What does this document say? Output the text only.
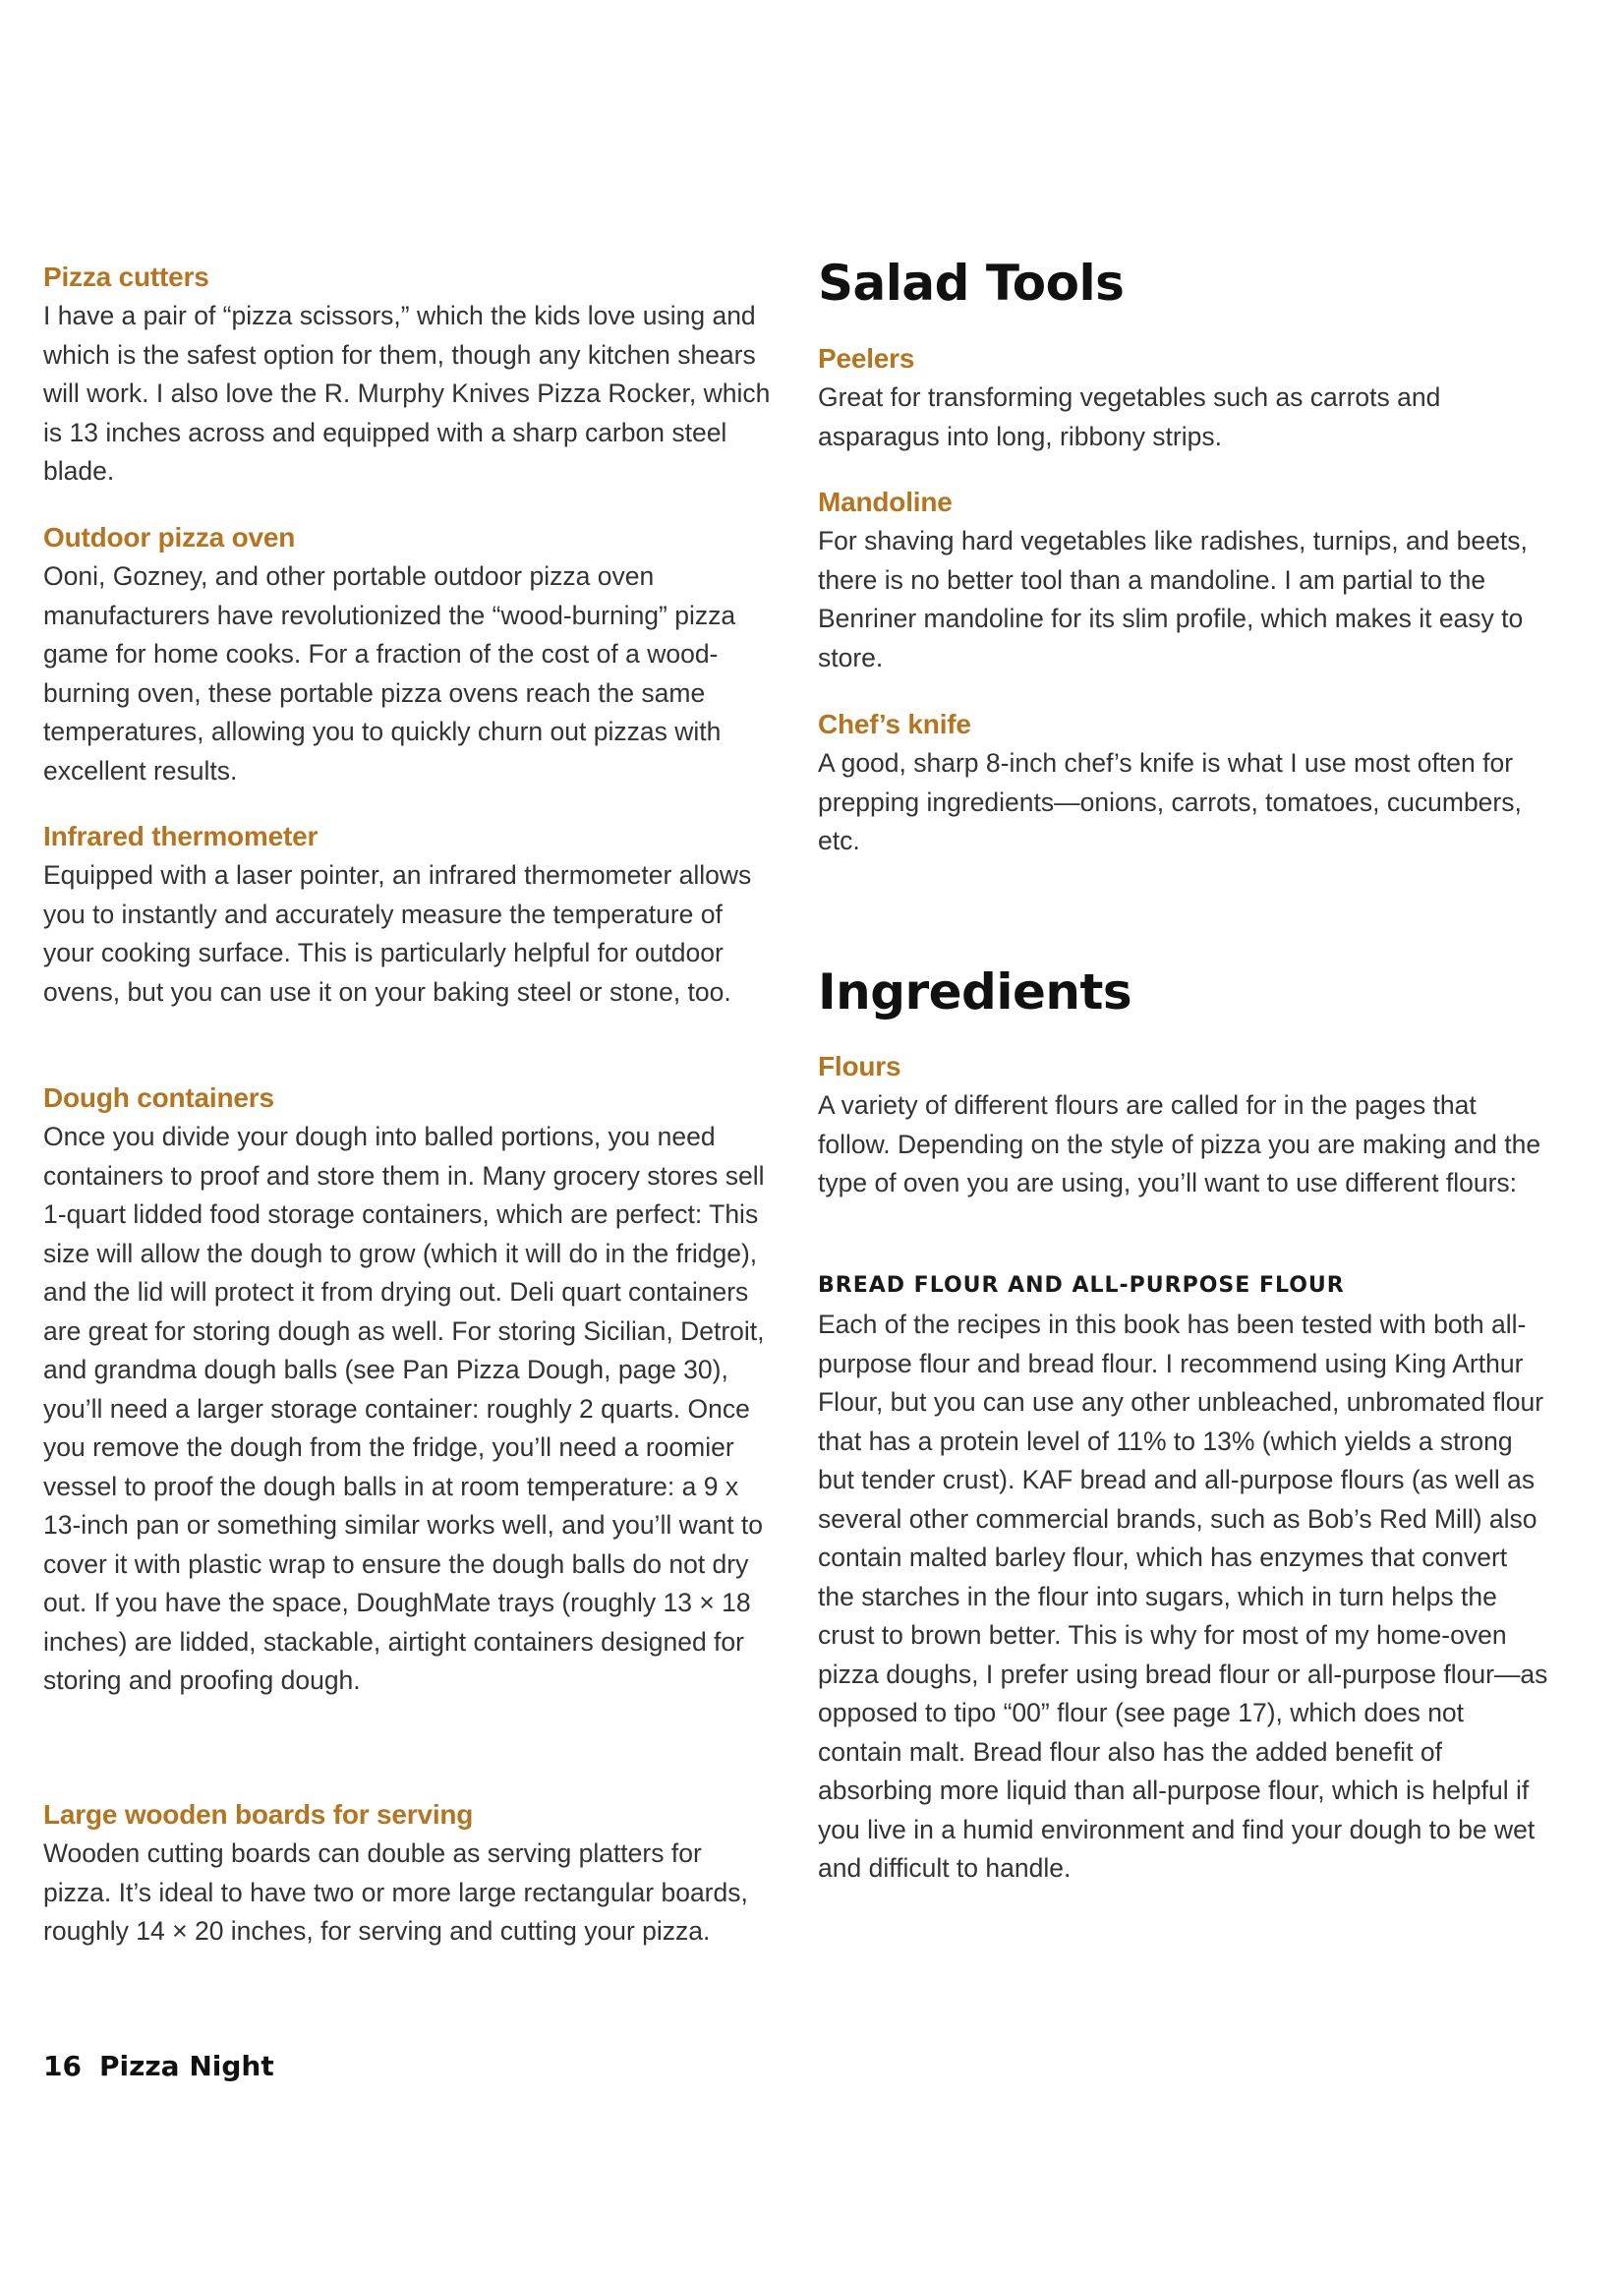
Pizza cutters

I have a pair of “pizza scissors,” which the kids love using and which is the safest option for them, though any kitchen shears will work. I also love the R. Murphy Knives Pizza Rocker, which is 13 inches across and equipped with a sharp carbon steel blade.

Outdoor pizza oven

Ooni, Gozney, and other portable outdoor pizza oven manufacturers have revolutionized the “wood-burning” pizza game for home cooks. For a fraction of the cost of a wood-burning oven, these portable pizza ovens reach the same temperatures, allowing you to quickly churn out pizzas with excellent results.

Infrared thermometer

Equipped with a laser pointer, an infrared thermometer allows you to instantly and accurately measure the temperature of your cooking surface. This is particularly helpful for outdoor ovens, but you can use it on your baking steel or stone, too.

Dough containers

Once you divide your dough into balled portions, you need containers to proof and store them in. Many grocery stores sell 1-quart lidded food storage containers, which are perfect: This size will allow the dough to grow (which it will do in the fridge), and the lid will protect it from drying out. Deli quart containers are great for storing dough as well. For storing Sicilian, Detroit, and grandma dough balls (see Pan Pizza Dough, page 30), you’ll need a larger storage container: roughly 2 quarts. Once you remove the dough from the fridge, you’ll need a roomier vessel to proof the dough balls in at room temperature: a 9 x 13-inch pan or something similar works well, and you’ll want to cover it with plastic wrap to ensure the dough balls do not dry out. If you have the space, DoughMate trays (roughly 13 × 18 inches) are lidded, stackable, airtight containers designed for storing and proofing dough.

Large wooden boards for serving

Wooden cutting boards can double as serving platters for pizza. It’s ideal to have two or more large rectangular boards, roughly 14 × 20 inches, for serving and cutting your pizza.

Salad Tools
Peelers

Great for transforming vegetables such as carrots and asparagus into long, ribbony strips.

Mandoline

For shaving hard vegetables like radishes, turnips, and beets, there is no better tool than a mandoline. I am partial to the Benriner mandoline for its slim profile, which makes it easy to store.

Chef’s knife

A good, sharp 8-inch chef’s knife is what I use most often for prepping ingredients—onions, carrots, tomatoes, cucumbers, etc.

Ingredients
Flours

A variety of different flours are called for in the pages that follow. Depending on the style of pizza you are making and the type of oven you are using, you’ll want to use different flours:

BREAD FLOUR AND ALL-PURPOSE FLOUR

Each of the recipes in this book has been tested with both all-purpose flour and bread flour. I recommend using King Arthur Flour, but you can use any other unbleached, unbromated flour that has a protein level of 11% to 13% (which yields a strong but tender crust). KAF bread and all-purpose flours (as well as several other commercial brands, such as Bob’s Red Mill) also contain malted barley flour, which has enzymes that convert the starches in the flour into sugars, which in turn helps the crust to brown better. This is why for most of my home-oven pizza doughs, I prefer using bread flour or all-purpose flour—as opposed to tipo “00” flour (see page 17), which does not contain malt. Bread flour also has the added benefit of absorbing more liquid than all-purpose flour, which is helpful if you live in a humid environment and find your dough to be wet and difficult to handle.

16 Pizza Night
